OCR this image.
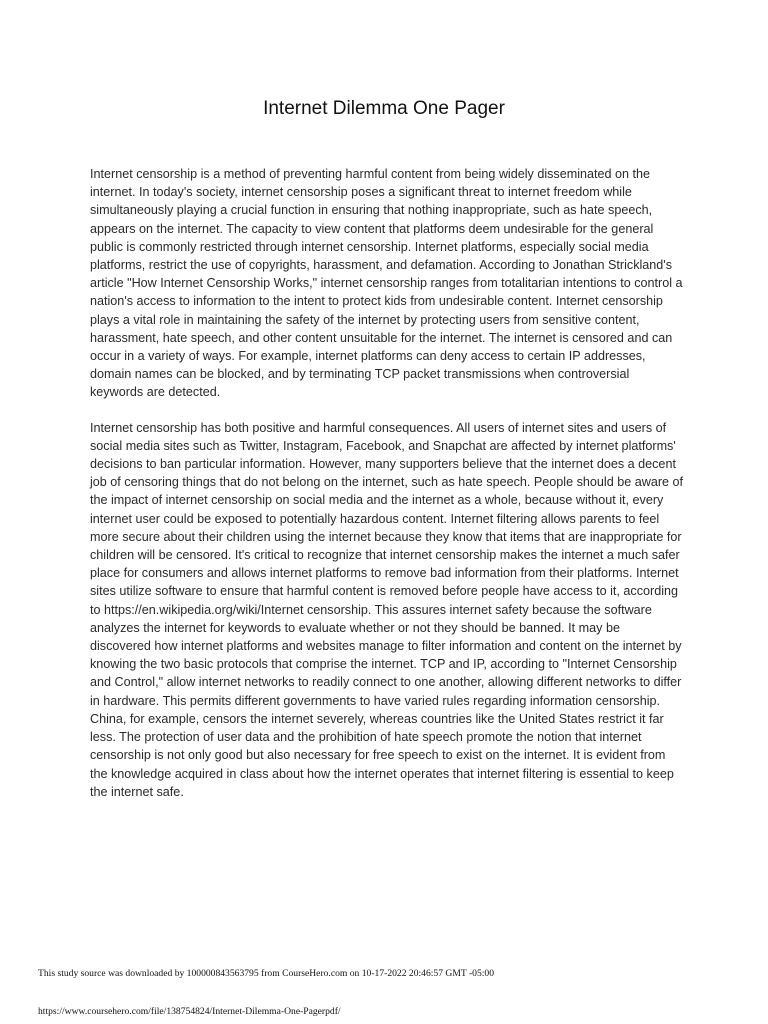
Internet Dilemma One Pager

Internet censorship is a method of preventing harmful content from being widely disseminated on the internet. In today's society, internet censorship poses a significant threat to internet freedom while simultaneously playing a crucial function in ensuring that nothing inappropriate, such as hate speech, appears on the internet. The capacity to view content that platforms deem undesirable for the general public is commonly restricted through internet censorship. Internet platforms, especially social media platforms, restrict the use of copyrights, harassment, and defamation. According to Jonathan Strickland's article "How Internet Censorship Works," internet censorship ranges from totalitarian intentions to control a nation's access to information to the intent to protect kids from undesirable content. Internet censorship plays a vital role in maintaining the safety of the internet by protecting users from sensitive content, harassment, hate speech, and other content unsuitable for the internet. The internet is censored and can occur in a variety of ways. For example, internet platforms can deny access to certain IP addresses, domain names can be blocked, and by terminating TCP packet transmissions when controversial keywords are detected.

Internet censorship has both positive and harmful consequences. All users of internet sites and users of social media sites such as Twitter, Instagram, Facebook, and Snapchat are affected by internet platforms' decisions to ban particular information. However, many supporters believe that the internet does a decent job of censoring things that do not belong on the internet, such as hate speech. People should be aware of the impact of internet censorship on social media and the internet as a whole, because without it, every internet user could be exposed to potentially hazardous content. Internet filtering allows parents to feel more secure about their children using the internet because they know that items that are inappropriate for children will be censored. It's critical to recognize that internet censorship makes the internet a much safer place for consumers and allows internet platforms to remove bad information from their platforms. Internet sites utilize software to ensure that harmful content is removed before people have access to it, according to https://en.wikipedia.org/wiki/Internet censorship. This assures internet safety because the software analyzes the internet for keywords to evaluate whether or not they should be banned. It may be discovered how internet platforms and websites manage to filter information and content on the internet by knowing the two basic protocols that comprise the internet. TCP and IP, according to "Internet Censorship and Control," allow internet networks to readily connect to one another, allowing different networks to differ in hardware. This permits different governments to have varied rules regarding information censorship. China, for example, censors the internet severely, whereas countries like the United States restrict it far less. The protection of user data and the prohibition of hate speech promote the notion that internet censorship is not only good but also necessary for free speech to exist on the internet. It is evident from the knowledge acquired in class about how the internet operates that internet filtering is essential to keep the internet safe.

This study source was downloaded by 100000843563795 from CourseHero.com on 10-17-2022 20:46:57 GMT -05:00
https://www.coursehero.com/file/138754824/Internet-Dilemma-One-Pagerpdf/
